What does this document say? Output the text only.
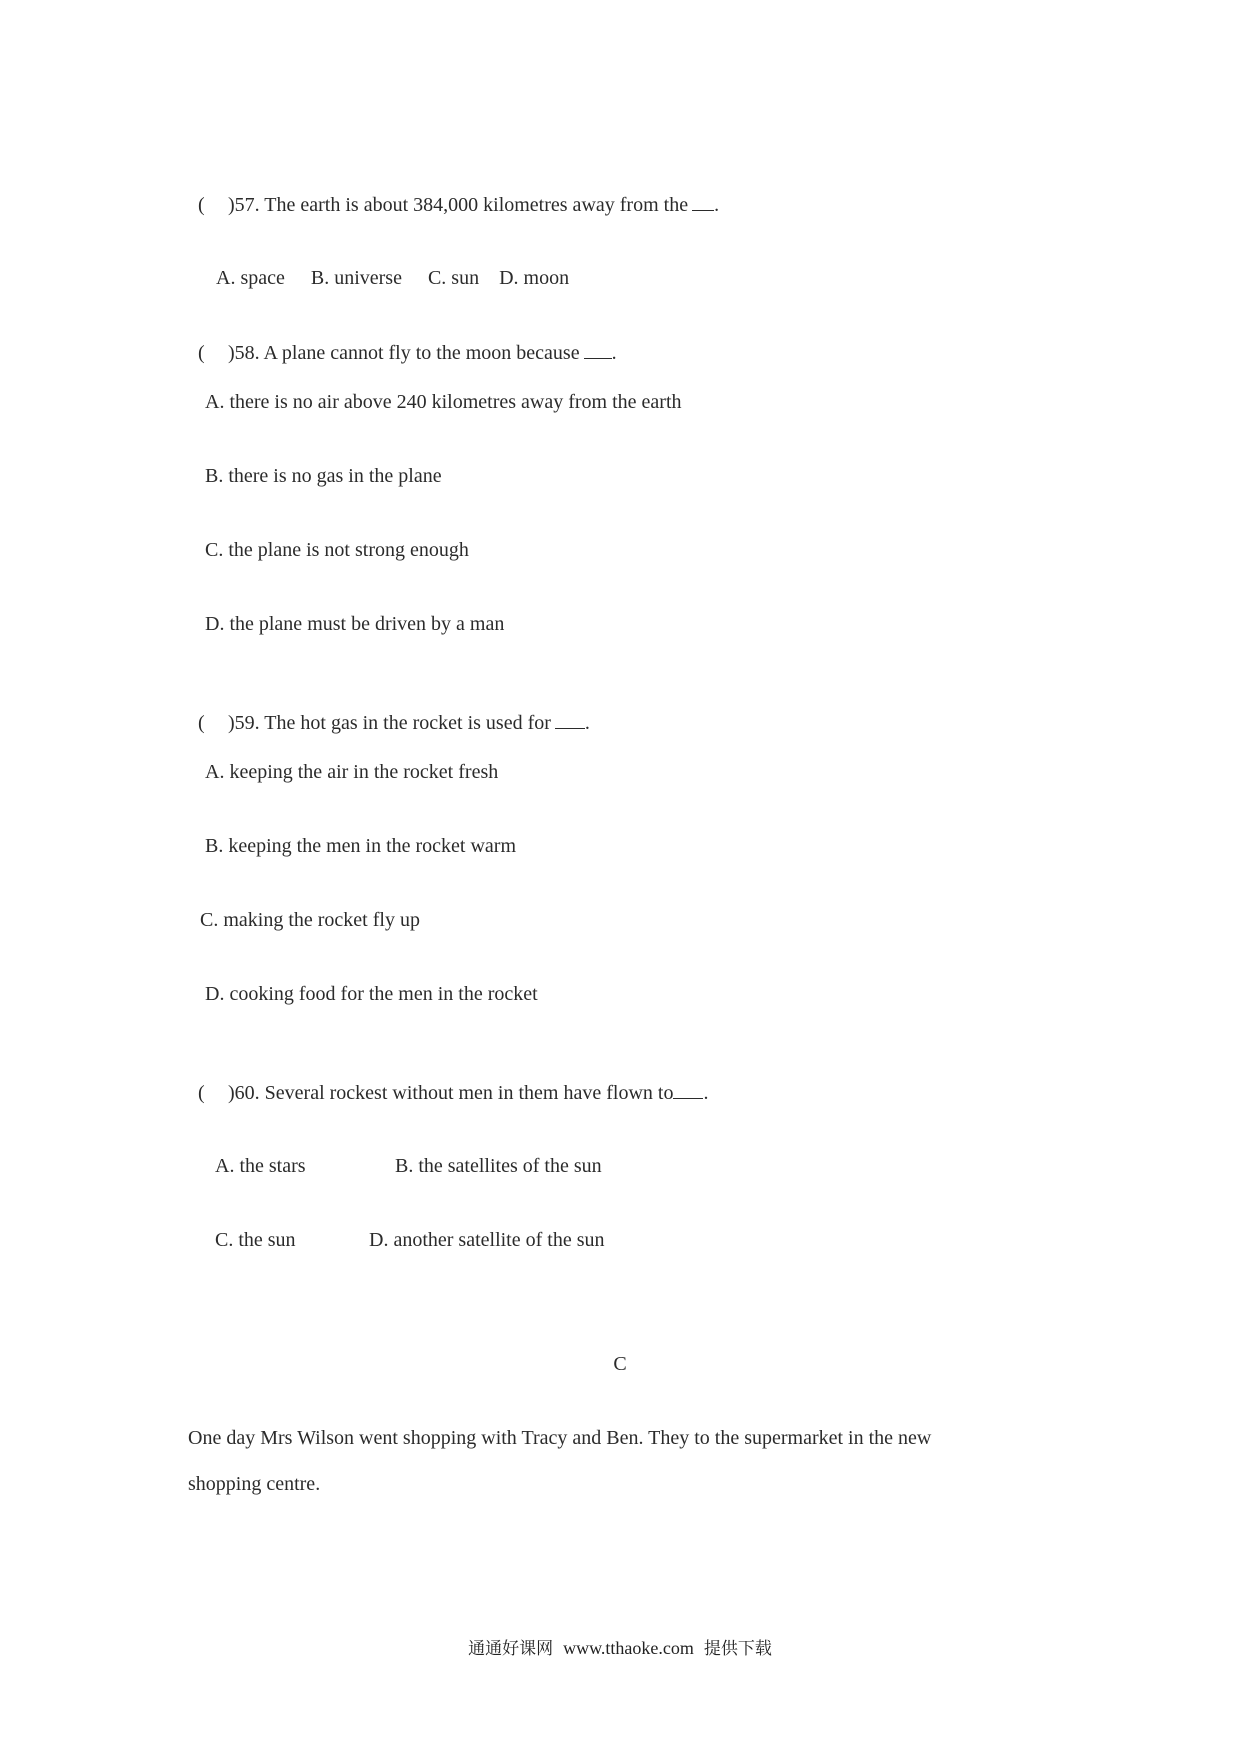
( )57. The earth is about 384,000 kilometres away from the .

A. space B. universe C. sun D. moon

( )58. A plane cannot fly to the moon because .

A. there is no air above 240 kilometres away from the earth
B. there is no gas in the plane
C. the plane is not strong enough
D. the plane must be driven by a man

( )59. The hot gas in the rocket is used for .

A. keeping the air in the rocket fresh
B. keeping the men in the rocket warm
C. making the rocket fly up
D. cooking food for the men in the rocket

( )60. Several rockest without men in them have flown to .

A. the stars	B. the satellites of the sun

C. the sun	D. another satellite of the sun

C
One day Mrs Wilson went shopping with Tracy and Ben. They to the supermarket in the new
shopping centre.
通通好课网 www.tthaoke.com 提供下载
